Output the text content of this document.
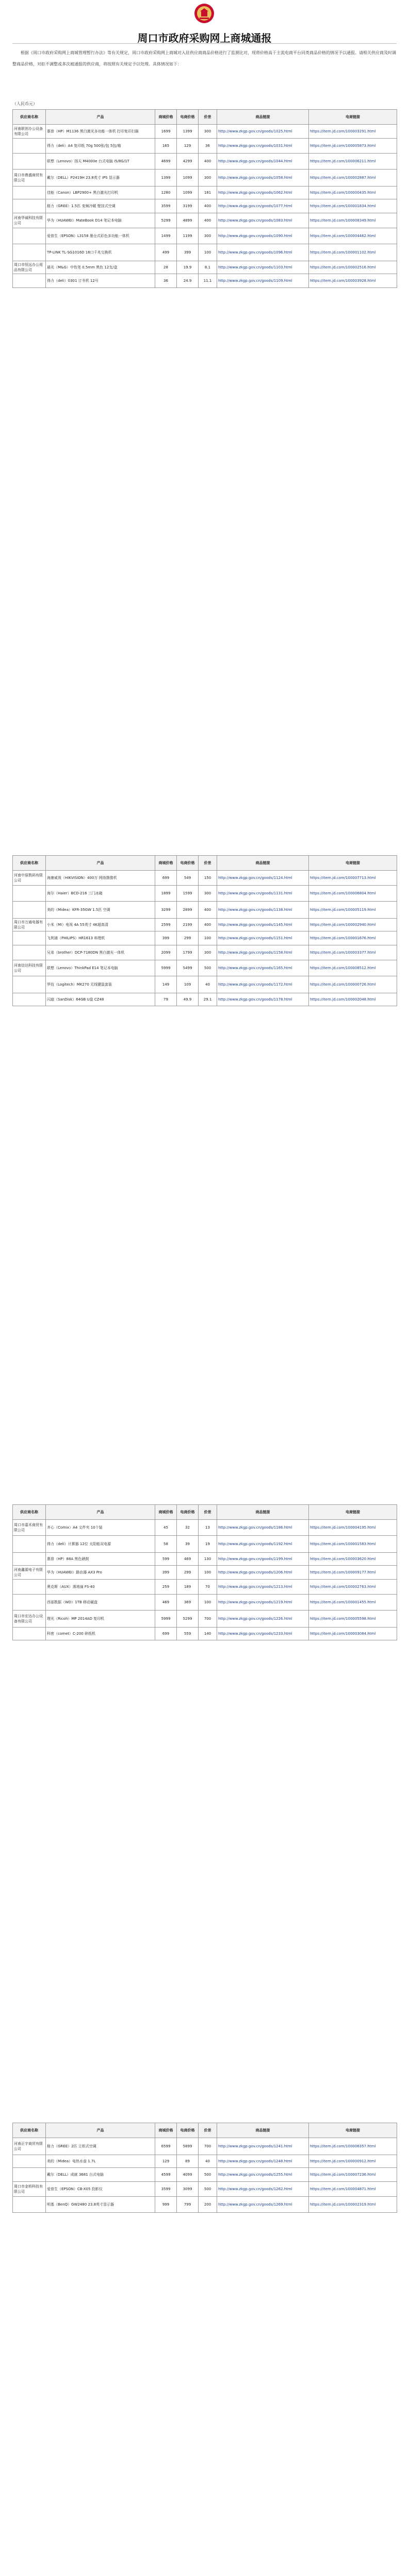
周口市政府采购网上商城通报
根据《周口市政府采购网上商城管理暂行办法》等有关规定，周口市政府采购网上商城对入驻供应商商品价格进行了监测比对，现将价格高于主流电商平台同类商品价格的情况予以通报。请相关供应商及时调整商品价格，对拒不调整或多次被通报的供应商，将按照有关规定予以处理。具体情况如下：
（人民币元）
供应商名称	产品	商城价格	电商价格	价差	商品链接	电商链接
河南联创办公设备有限公司	惠普（HP）M1136 黑白激光多功能一体机 打印复印扫描	1699	1399	300	http://www.zkgp.gov.cn/goods/1025.html	https://item.jd.com/100003291.html
	得力（deli）A4 复印纸 70g 500张/包 5包/箱	165	129	36	http://www.zkgp.gov.cn/goods/1031.html	https://item.jd.com/100005873.html
	联想（Lenovo）扬天 M4000e 台式电脑 i5/8G/1T	4699	4299	400	http://www.zkgp.gov.cn/goods/1044.html	https://item.jd.com/100006211.html
周口市鼎盛商贸有限公司	戴尔（DELL）P2419H 23.8英寸 IPS 显示器	1399	1099	300	http://www.zkgp.gov.cn/goods/1058.html	https://item.jd.com/100002887.html
	佳能（Canon）LBP2900+ 黑白激光打印机	1280	1099	181	http://www.zkgp.gov.cn/goods/1062.html	https://item.jd.com/100000435.html
	格力（GREE）1.5匹 变频冷暖 壁挂式空调	3599	3199	400	http://www.zkgp.gov.cn/goods/1077.html	https://item.jd.com/100001834.html
河南华诚科技有限公司	华为（HUAWEI）MateBook D14 笔记本电脑	5299	4899	400	http://www.zkgp.gov.cn/goods/1083.html	https://item.jd.com/100008349.html
	爱普生（EPSON）L3158 墨仓式彩色多功能一体机	1499	1199	300	http://www.zkgp.gov.cn/goods/1090.html	https://item.jd.com/100004462.html
	TP-LINK TL-SG1016D 16口千兆交换机	499	399	100	http://www.zkgp.gov.cn/goods/1096.html	https://item.jd.com/100001102.html
周口市恒远办公用品有限公司	晨光（M&G）中性笔 0.5mm 黑色 12支/盒	28	19.9	8.1	http://www.zkgp.gov.cn/goods/1103.html	https://item.jd.com/100002516.html
	得力（deli）0301 订书机 12号	36	24.9	11.1	http://www.zkgp.gov.cn/goods/1109.html	https://item.jd.com/100003928.html
供应商名称	产品	商城价格	电商价格	价差	商品链接	电商链接
河南中原数码有限公司	海康威视（HIKVISION）400万 网络摄像机	699	549	150	http://www.zkgp.gov.cn/goods/1124.html	https://item.jd.com/100007713.html
	海尔（Haier）BCD-216 三门冰箱	1899	1599	300	http://www.zkgp.gov.cn/goods/1131.html	https://item.jd.com/100006804.html
	美的（Midea）KFR-35GW 1.5匹 空调	3299	2899	400	http://www.zkgp.gov.cn/goods/1138.html	https://item.jd.com/100005119.html
周口市万通电器有限公司	小米（MI）电视 4A 55英寸 4K超高清	2599	2199	400	http://www.zkgp.gov.cn/goods/1145.html	https://item.jd.com/100002940.html
	飞利浦（PHILIPS）HR1613 料理机	399	299	100	http://www.zkgp.gov.cn/goods/1151.html	https://item.jd.com/100001676.html
	兄弟（brother）DCP-7180DN 黑白激光一体机	2099	1799	300	http://www.zkgp.gov.cn/goods/1158.html	https://item.jd.com/100003377.html
河南信达科技有限公司	联想（Lenovo）ThinkPad E14 笔记本电脑	5999	5499	500	http://www.zkgp.gov.cn/goods/1165.html	https://item.jd.com/100008512.html
	罗技（Logitech）MK270 无线键鼠套装	149	109	40	http://www.zkgp.gov.cn/goods/1172.html	https://item.jd.com/100000726.html
	闪迪（SanDisk）64GB U盘 CZ48	79	49.9	29.1	http://www.zkgp.gov.cn/goods/1178.html	https://item.jd.com/100002048.html
供应商名称	产品	商城价格	电商价格	价差	商品链接	电商链接
周口市嘉禾商贸有限公司	齐心（Comix）A4 文件夹 10个装	45	32	13	http://www.zkgp.gov.cn/goods/1186.html	https://item.jd.com/100004195.html
	得力（deli）计算器 12位 太阳能双电源	58	39	19	http://www.zkgp.gov.cn/goods/1192.html	https://item.jd.com/100001583.html
	惠普（HP）88A 黑色硒鼓	599	469	130	http://www.zkgp.gov.cn/goods/1199.html	https://item.jd.com/100003620.html
河南鑫源电子有限公司	华为（HUAWEI）路由器 AX3 Pro	399	299	100	http://www.zkgp.gov.cn/goods/1206.html	https://item.jd.com/100009177.html
	奥克斯（AUX）落地扇 FS-40	259	189	70	http://www.zkgp.gov.cn/goods/1213.html	https://item.jd.com/100002763.html
	西部数据（WD）1TB 移动硬盘	469	369	100	http://www.zkgp.gov.cn/goods/1219.html	https://item.jd.com/100001455.html
周口市宏达办公设备有限公司	理光（Ricoh）MP 2014AD 复印机	5999	5299	700	http://www.zkgp.gov.cn/goods/1226.html	https://item.jd.com/100005598.html
	科密（comet）C-200 碎纸机	699	559	140	http://www.zkgp.gov.cn/goods/1233.html	https://item.jd.com/100003084.html
供应商名称	产品	商城价格	电商价格	价差	商品链接	电商链接
河南正宇商贸有限公司	格力（GREE）2匹 立柜式空调	6599	5899	700	http://www.zkgp.gov.cn/goods/1241.html	https://item.jd.com/100006357.html
	美的（Midea）电热水壶 1.7L	129	89	40	http://www.zkgp.gov.cn/goods/1248.html	https://item.jd.com/100000912.html
	戴尔（DELL）成就 3681 台式电脑	4599	4099	500	http://www.zkgp.gov.cn/goods/1255.html	https://item.jd.com/100007236.html
周口市金桥科技有限公司	爱普生（EPSON）CB-X05 投影仪	3599	3099	500	http://www.zkgp.gov.cn/goods/1262.html	https://item.jd.com/100004871.html
	明基（BenQ）GW2480 23.8英寸显示器	999	799	200	http://www.zkgp.gov.cn/goods/1269.html	https://item.jd.com/100002319.html
